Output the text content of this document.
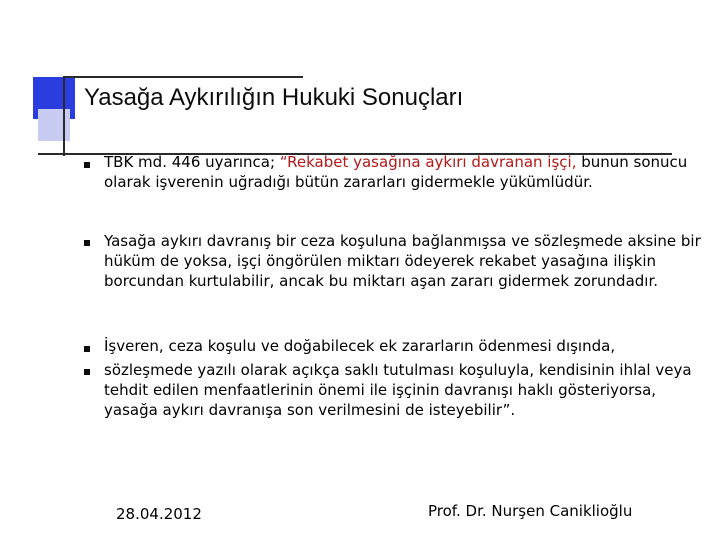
Yasağa Aykırılığın Hukuki Sonuçları

TBK md. 446 uyarınca; “Rekabet yasağına aykırı davranan işçi, bunun sonucu olarak işverenin uğradığı bütün zararları gidermekle yükümlüdür.

Yasağa aykırı davranış bir ceza koşuluna bağlanmışsa ve sözleşmede aksine bir hüküm de yoksa, işçi öngörülen miktarı ödeyerek rekabet yasağına ilişkin borcundan kurtulabilir, ancak bu miktarı aşan zararı gidermek zorundadır.

İşveren, ceza koşulu ve doğabilecek ek zararların ödenmesi dışında,

sözleşmede yazılı olarak açıkça saklı tutulması koşuluyla, kendisinin ihlal veya tehdit edilen menfaatlerinin önemi ile işçinin davranışı haklı gösteriyorsa, yasağa aykırı davranışa son verilmesini de isteyebilir”.

28.04.2012	Prof. Dr. Nurşen Caniklioğlu
